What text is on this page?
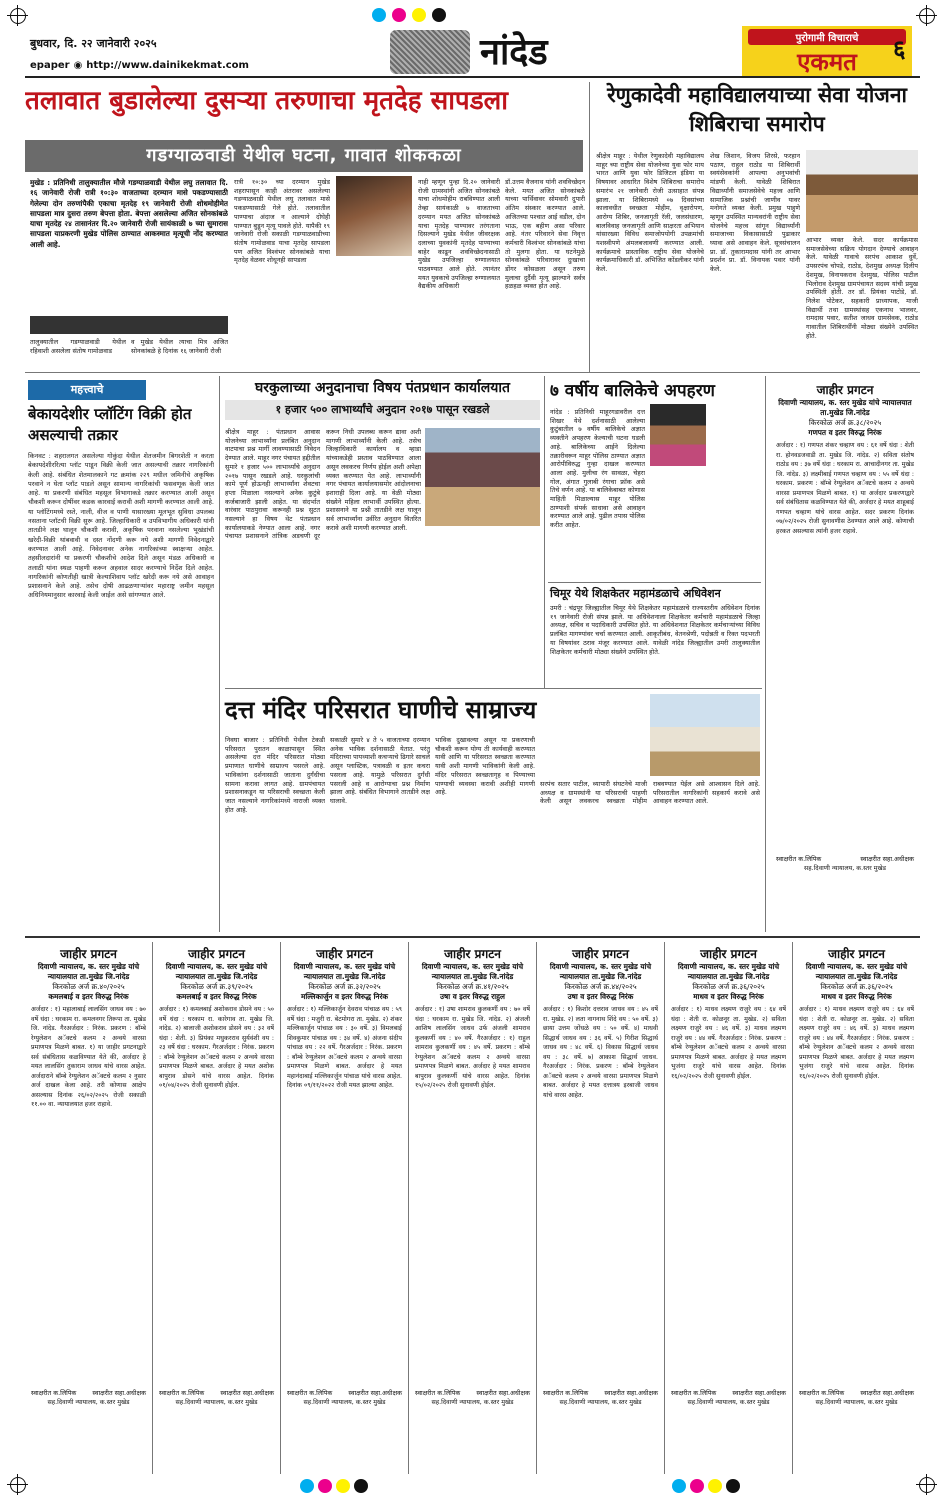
बुधवार, दि. २२ जानेवारी २०२५
epaper ◉ http://www.dainikekmat.com	नांदेड	पुरोगामी विचाराचे
एकमत	६
तलावात बुडालेल्या दुसऱ्या तरुणाचा मृतदेह सापडला
गडग्याळवाडी येथील घटना, गावात शोककळा
मुखेड : प्रतिनिधी तालुक्यातील मौजे गडग्याळवाडी येथील लघु तलावात दि. १६ जानेवारी रोजी रात्री १०:३० वाजताच्या दरम्यान मासे पकडण्यासाठी गेलेल्या दोन तरुणांपैकी एकाचा मृतदेह १९ जानेवारी रोजी शोधमोहीमेत सापडला मात्र दुसरा तरुण बेपत्ता होता. बेपत्ता असलेल्या अजित सोनकांबळे याचा मृतदेह २४ तासानंतर दि.२० जानेवारी रोजी सायंकाळी ७ च्या सुमारास सापडला याप्रकरणी मुखेड पोलिस ठाण्यात आकस्मात मृत्यूची नोंद करण्यात आली आहे.
तालुक्यातील गडग्याळवाडी येथील रहिवाशी असलेला संतोष गामोळवाड
व मुखेड येथील त्याचा मित्र अजित सोनकांबळे हे दिनांक १६ जानेवारी रोजी
रात्री १०:३० च्या दरम्यान मुखेड शहरापासून काही अंतरावर असलेल्या गडग्याळवाडी येथील लघु तलावात मासे पकडण्यासाठी गेले होते. तलावातील पाण्याचा अंदाज न आल्याने दोघेही पाण्यात बुडून मृत्यू पावले होते. यापैकी १९ जानेवारी रोजी सकाळी गडग्याळवाडीच्या संतोष गामोळवाड याचा मृतदेह सापडला पण अजित विश्वंभर सोनकांबळे याचा मृतदेह वेळवर शोधूनही सापडला
नाही म्हणून पुन्हा दि.२० जानेवारी रोजी ग्रामस्थांनी अजित सोनकांबळे याचा शोधमोहीम राबविण्यात आली तेव्हा सायंकाळी ७ वाजताच्या दरम्यान मयत अजित सोनकांबळे याचा मृतदेह पाण्यावर तरंगताना दिसल्याने मुखेड येथील जीवरक्षक दलाच्या युवकांनी मृतदेह पाण्याच्या बाहेर काढून शवविच्छेदनासाठी मुखेड उपजिल्हा रुग्णालयात पाठवण्यात आले होते. त्यानंतर मयत युवकाचे उपजिल्हा रुग्णालयात वैद्यकीय अधिकारी
डॉ.उत्तम वैजनाथ यांनी शवविच्छेदन केले. मयत अजित सोनकांबळे याच्या पार्थिवावर सोमवारी दुपारी अंतिम संस्कार करण्यात आले. अजितच्या पश्चात आई वडील, दोन भाऊ, एक बहीण असा परिवार आहे. नंतर परिवारने सेवा निवृत्त कर्मचारी विश्वंभर सोनकांबळे यांचा तो मुलगा होता. या घटनेमुळे सोनकांबळे परिवारावर दुःखाचा डोंगर कोसळला असून तरुण मुलाचा दुर्दैवी मृत्यू झाल्याने सर्वत्र हळहळ व्यक्त होत आहे.
रेणुकादेवी महाविद्यालयाच्या सेवा योजना शिबिराचा समारोप
श्रीक्षेत्र माहूर : येथील रेणुकादेवी महाविद्यालय माहूर च्या राष्ट्रीय सेवा योजनेच्या युवा फोर माय भारत आणि युवा फोर डिजिटल इंडिया या विषयावर आधारित विशेष शिबिराचा समारोप समारंभ २१ जानेवारी रोजी उत्साहात संपन्न झाला. या शिबिरामध्ये ०७ दिवसांच्या कालावधीत स्वच्छता मोहीम, वृक्षारोपण, आरोग्य शिबिर, जनजागृती रॅली, जलसंधारण, बालविवाह जनजागृती आणि साक्षरता अभियान यांसारख्या विविध समाजोपयोगी उपक्रमांची यशस्वीपणे अंमलबजावणी करण्यात आली. कार्यक्रमाचे प्रास्ताविक राष्ट्रीय सेवा योजनेचे कार्यक्रमाधिकारी डॉ. अभिजित कोंडलीकर यांनी केले.
शेख जिशान, विजय शिरसे, फरहान पठाण, राहुल राठोड या शिबिरार्थी स्वयंसेवकांनी आपल्या अनुभवांची मांडणी केली. यावेळी शिबिरात विद्यार्थ्यांनी समाजसेवेचे महत्त्व आणि सामाजिक प्रश्नांची जाणीव यावर मनोगते व्यक्त केली. प्रमुख पाहुणे म्हणून उपस्थित मान्यवरांनी राष्ट्रीय सेवा योजनेचे महत्त्व सांगून विद्यार्थ्यांनी समाजाच्या विकासासाठी पुढाकार घ्यावा असे आवाहन केले. सूत्रसंचालन प्रा. डॉ. तुकारामदास यांनी तर आभार प्रदर्शन प्रा. डॉ. विनायक पवार यांनी केले.
आभार व्यक्त केले. सदर कार्यक्रमास समाजसेवेच्या सक्रिय योगदान देण्याचे आवाहन केले. यावेळी गावाचे सरपंच आकाश धुर्वे, उपसरपंच चोपडे, राठोड, देशमुख अध्यक्ष दिलीप देशमुख, विनायकराव देशमुख, पोलिस पाटील भिलोराव देशमुख ग्रामपंचायत सदस्य यांची प्रमुख उपस्थिती होती. तर डॉ. प्रियंका पाटोडे, डॉ. निलेश पोटेकर, सहकारी प्राध्यापक, माजी विद्यार्थी तथा ग्रामस्थांसह एकनाथ भालवर, रामदास पवार, सतीश जाधव ग्रामसेवक, राठोड गावातील शिबिरार्थींनी मोठ्या संख्येने उपस्थित होते.
महत्त्वाचे
बेकायदेशीर प्लॉटिंग विक्री होत असल्याची तक्रार
किनवट : शहरालगत असलेल्या गोकुंदा येथील शेतजमीन बिगरशेती न करता बेकायदेशीररित्या प्लॉट पाडून विक्री केली जात असल्याची तक्रार नागरिकांनी केली आहे. संबंधित शेतमालकाने गट क्रमांक २२९ मधील जमिनीचे अकृषिक परवाने न घेता प्लॉट पाडले असून सामान्य नागरिकांची फसवणूक केली जात आहे. या प्रकरणी संबंधित महसूल विभागाकडे तक्रार करण्यात आली असून चौकशी करून दोषींवर कडक कारवाई करावी अशी मागणी करण्यात आली आहे. या प्लॉटिंगमध्ये रस्ते, नाली, वीज व पाणी यासारख्या मूलभूत सुविधा उपलब्ध नसताना प्लॉटची विक्री सुरू आहे. जिल्हाधिकारी व उपविभागीय अधिकारी यांनी तातडीने लक्ष घालून चौकशी करावी, अकृषिक परवाना नसलेल्या भूखंडांची खरेदी-विक्री थांबवावी व दस्त नोंदणी करू नये अशी मागणी निवेदनाद्वारे करण्यात आली आहे. निवेदनावर अनेक नागरिकांच्या स्वाक्षऱ्या आहेत. तहसीलदारांनी या प्रकरणी चौकशीचे आदेश दिले असून मंडळ अधिकारी व तलाठी यांना स्थळ पाहणी करून अहवाल सादर करण्याचे निर्देश दिले आहेत. नागरिकांनी कोणतीही खात्री केल्याशिवाय प्लॉट खरेदी करू नये असे आवाहन प्रशासनाने केले आहे. तसेच दोषी आढळणाऱ्यांवर महाराष्ट्र जमीन महसूल अधिनियमानुसार कारवाई केली जाईल असे सांगण्यात आले.
घरकुलाच्या अनुदानाचा विषय पंतप्रधान कार्यालयात
१ हजार ५०० लाभार्थ्यांचे अनुदान २०१७ पासून रखडले
श्रीक्षेत्र माहूर : पंतप्रधान आवास योजनेच्या लाभार्थ्यांना प्रलंबित अनुदान वाटपाचा प्रश्न मार्गी लावण्यासाठी निवेदन देण्यात आले. माहूर नगर पंचायत हद्दीतील सुमारे १ हजार ५०० लाभार्थ्यांचे अनुदान २०१७ पासून रखडले आहे. घरकुलांची कामे पूर्ण होऊनही लाभार्थ्यांना शेवटचा हप्ता मिळाला नसल्याने अनेक कुटुंबे कर्जबाजारी झाली आहेत. या संदर्भात वारंवार पाठपुरावा करूनही प्रश्न सुटत नसल्याने हा विषय थेट पंतप्रधान कार्यालयाकडे नेण्यात आला आहे. नगर पंचायत प्रशासनाने तांत्रिक अडचणी दूर करून निधी उपलब्ध करून द्यावा अशी मागणी लाभार्थ्यांनी केली आहे. तसेच जिल्हाधिकारी कार्यालय व म्हाडा यांच्याकडेही प्रस्ताव पाठविण्यात आला असून लवकरच निर्णय होईल अशी अपेक्षा व्यक्त करण्यात येत आहे. लाभार्थ्यांनी नगर पंचायत कार्यालयासमोर आंदोलनाचा इशाराही दिला आहे. या वेळी मोठ्या संख्येने महिला लाभार्थी उपस्थित होत्या. प्रशासनाने या प्रश्नी तातडीने लक्ष घालून सर्व लाभार्थ्यांना उर्वरित अनुदान वितरित करावे अशी मागणी करण्यात आली.
७ वर्षीय बालिकेचे अपहरण
नांदेड : प्रतिनिधी माहूरगडावरील दत्त शिखर येथे दर्शनासाठी आलेल्या कुटुंबातील ७ वर्षीय बालिकेचे अज्ञात व्यक्तीने अपहरण केल्याची घटना घडली आहे. बालिकेच्या आईने दिलेल्या तक्रारीवरून माहूर पोलिस ठाण्यात अज्ञात आरोपीविरुद्ध गुन्हा दाखल करण्यात आला आहे. मुलीचा रंग सावळा, चेहरा गोल, अंगात गुलाबी रंगाचा फ्रॉक असे तिचे वर्णन आहे. या बालिकेबाबत कोणास माहिती मिळाल्यास माहूर पोलिस ठाण्याशी संपर्क साधावा असे आवाहन करण्यात आले आहे. पुढील तपास पोलिस करीत आहेत.
चिमूर येथे शिक्षकेतर महामंडळाचे अधिवेशन
उमरी : चंद्रपूर जिल्ह्यातील चिमूर येथे शिक्षकेतर महामंडळाचे राज्यस्तरीय अधिवेशन दिनांक १९ जानेवारी रोजी संपन्न झाले. या अधिवेशनाला शिक्षकेतर कर्मचारी महामंडळाचे जिल्हा अध्यक्ष, सचिव व पदाधिकारी उपस्थित होते. या अधिवेशनात शिक्षकेतर कर्मचाऱ्यांच्या विविध प्रलंबित मागण्यांवर चर्चा करण्यात आली. आकृतीबंध, वेतनश्रेणी, पदोन्नती व रिक्त पदभरती या विषयांवर ठराव मंजूर करण्यात आले. यावेळी नांदेड जिल्ह्यातील उमरी तालुक्यातील शिक्षकेतर कर्मचारी मोठ्या संख्येने उपस्थित होते.
दत्त मंदिर परिसरात घाणीचे साम्राज्य
निवघा बाजार : प्रतिनिधी येथील टेकडी परिसरात पुरातन काळापासून स्थित असलेल्या दत्त मंदिर परिसरात मोठ्या प्रमाणात घाणीचे साम्राज्य पसरले आहे. भाविकांना दर्शनासाठी जाताना दुर्गंधीचा सामना करावा लागत आहे. ग्रामपंचायत प्रशासनाकडून या परिसराची स्वच्छता केली जात नसल्याने नागरिकांमध्ये नाराजी व्यक्त होत आहे.
सकाळी सुमारे ४ ते ५ वाजताच्या दरम्यान अनेक भाविक दर्शनासाठी येतात. परंतु मंदिराच्या पायथ्याशी कचऱ्याचे ढिगारे साचले असून प्लास्टिक, पत्रावळी व इतर कचरा पसरला आहे. यामुळे परिसरात दुर्गंधी पसरली आहे व आरोग्याचा प्रश्न निर्माण झाला आहे. संबंधित विभागाने तातडीने लक्ष घालावे.
भाविक दुखावल्या असून या प्रकरणाची चौकशी करून योग्य ती कार्यवाही करण्यात यावी आणि या परिसरात स्वच्छता करण्यात यावी अशी मागणी भाविकांनी केली आहे. मंदिर परिसरात स्वच्छतागृह व पिण्याच्या पाण्याची व्यवस्था करावी अशीही मागणी आहे.
सरपंच सतार पाटील, व्यापारी संघटनेचे माजी अध्यक्ष व ग्रामस्थांनी या परिसराची पाहणी केली असून लवकरच स्वच्छता मोहीम राबवण्यात येईल असे आश्वासन दिले आहे. परिसरातील नागरिकांनी सहकार्य करावे असे आवाहन करण्यात आले.
जाहीर प्रगटन
दिवाणी न्यायालय, क. स्तर मुखेड यांचे न्यायालयात ता.मुखेड जि.नांदेड
किरकोळ अर्ज क्र.३८/२०२५
गणपत व इतर विरुद्ध निरंक
अर्जदार : १) गणपत शंकर चव्हाण वय : ६१ वर्षे धंदा : शेती रा. होनवडजवाडी ता. मुखेड जि. नांदेड. २) सविता संतोष राठोड वय : ३७ वर्षे धंदा : घरकाम रा. आचादीनगर ता. मुखेड जि. नांदेड. ३) लक्ष्मीबाई गणपत चव्हाण वय : ५५ वर्षे धंदा : घरकाम. प्रकरण : बॉम्बे रेग्युलेशन अॅक्टचे कलम २ अन्वये वारसा प्रमाणपत्र मिळणे बाबत. १) या अर्जदार प्रकरणाद्वारे सर्व संबंधितास कळविण्यात येते की, अर्जदार हे मयत शाहूबाई गणपत चव्हाण यांचे वारस आहेत. सदर प्रकरण दिनांक ०७/०२/२०२५ रोजी सुनावणीस ठेवण्यात आले आहे. कोणाची हरकत असल्यास त्यांनी हजर राहावे.
स्वाक्षरीत क.लिपिक	स्वाक्षरीत सहा.अधीक्षक
सह.दिवाणी न्यायालय, क.स्तर मुखेड
जाहीर प्रगटन
दिवाणी न्यायालय, क. स्तर मुखेड यांचे न्यायालयात ता.मुखेड जि.नांदेड
किरकोळ अर्ज क्र.४०/२०२५
कमलबाई व इतर विरुद्ध निरंक
अर्जदार : १) महालाबाई लालसिंग जाधव वय : ७० वर्षे धंदा : घरकाम रा. कमलनगर तिरूपा ता. मुखेड जि. नांदेड. गैरअर्जदार : निरंक. प्रकरण : बॉम्बे रेग्युलेशन अॅक्टचे कलम २ अन्वये वारसा प्रमाणपत्र मिळणे बाबत. १) या जाहीर प्रगटनाद्वारे सर्व संबंधितास कळविण्यात येते की, अर्जदार हे मयत लालसिंग तुकाराम जाधव यांचे वारस आहेत. अर्जदाराने बॉम्बे रेग्युलेशन अॅक्टचे कलम २ नुसार अर्ज दाखल केला आहे. तरी कोणास आक्षेप असल्यास दिनांक २६/०२/२०२५ रोजी सकाळी ११.०० वा. न्यायालयात हजर राहावे.
स्वाक्षरीत क.लिपिक	स्वाक्षरीत सहा.अधीक्षक
सह.दिवाणी न्यायालय, क.स्तर मुखेड
जाहीर प्रगटन
दिवाणी न्यायालय, क. स्तर मुखेड यांचे न्यायालयात ता.मुखेड जि.नांदेड
किरकोळ अर्ज क्र.३९/२०२५
कमलबाई व इतर विरुद्ध निरंक
अर्जदार : १) कमलबाई अशोकराव डोसने वय : ५० वर्षे धंदा : घरकाम रा. कारेगाव ता. मुखेड जि. नांदेड. २) बालाजी अशोकराव डोसने वय : ३२ वर्षे धंदा : शेती. ३) प्रियंका मधुकरराव सुर्यवंशी वय : २३ वर्षे धंदा : घरकाम. गैरअर्जदार : निरंक. प्रकरण : बॉम्बे रेग्युलेशन अॅक्टचे कलम २ अन्वये वारसा प्रमाणपत्र मिळणे बाबत. अर्जदार हे मयत अशोक बापुराव डोसने यांचे वारस आहेत. दिनांक ०१/०४/२०२५ रोजी सुनावणी होईल.
स्वाक्षरीत क.लिपिक	स्वाक्षरीत सहा.अधीक्षक
सह.दिवाणी न्यायालय, क.स्तर मुखेड
जाहीर प्रगटन
दिवाणी न्यायालय, क. स्तर मुखेड यांचे न्यायालयात ता.मुखेड जि.नांदेड
किरकोळ अर्ज क्र.३२/२०२५
मल्लिकार्जुन व इतर विरुद्ध निरंक
अर्जदार : १) मल्लिकार्जुन देवराव पांचाळ वय : ५९ वर्षे धंदा : मजुरी रा. बेटमोगरा ता. मुखेड. २) शंकर मल्लिकार्जुन पांचाळ वय : ३० वर्षे. ३) विमलबाई शिवकुमार पांचाळ वय : ३४ वर्षे. ४) अंजना संदीप पांचाळ वय : २२ वर्षे. गैरअर्जदार : निरंक. प्रकरण : बॉम्बे रेग्युलेशन अॅक्टचे कलम २ अन्वये वारसा प्रमाणपत्र मिळणे बाबत. अर्जदार हे मयत महानंदाबाई मल्लिकार्जुन पांचाळ यांचे वारस आहेत. दिनांक ०९/११/२०२२ रोजी मयत झाल्या आहेत.
स्वाक्षरीत क.लिपिक	स्वाक्षरीत सहा.अधीक्षक
सह.दिवाणी न्यायालय, क.स्तर मुखेड
जाहीर प्रगटन
दिवाणी न्यायालय, क. स्तर मुखेड यांचे न्यायालयात ता.मुखेड जि.नांदेड
किरकोळ अर्ज क्र.४१/२०२५
उषा व इतर विरुद्ध राहुल
अर्जदार : १) उषा शामराव कुलकर्णी वय : ७० वर्षे धंदा : घरकाम रा. मुखेड जि. नांदेड. २) अंजली आशिष लालसिंग जाधव उर्फ अंजली शामराव कुलकर्णी वय : ४० वर्षे. गैरअर्जदार : १) राहुल शामराव कुलकर्णी वय : ४५ वर्षे. प्रकरण : बॉम्बे रेग्युलेशन अॅक्टचे कलम २ अन्वये वारसा प्रमाणपत्र मिळणे बाबत. अर्जदार हे मयत शामराव बापुराव कुलकर्णी यांचे वारस आहेत. दिनांक १५/०२/२०२५ रोजी सुनावणी होईल.
स्वाक्षरीत क.लिपिक	स्वाक्षरीत सहा.अधीक्षक
सह.दिवाणी न्यायालय, क.स्तर मुखेड
जाहीर प्रगटन
दिवाणी न्यायालय, क. स्तर मुखेड यांचे न्यायालयात ता.मुखेड जि.नांदेड
किरकोळ अर्ज क्र.४४/२०२५
उषा व इतर विरुद्ध निरंक
अर्जदार : १) किशोर दत्तराव जाधव वय : ४५ वर्षे रा. मुखेड. २) लता नागनाथ शिंदे वय : ५० वर्षे. ३) छाया उत्तम जोंधळे वय : ५० वर्षे. ४) माधवी सिद्धार्थ जाधव वय : ३६ वर्षे. ५) गिरीश सिद्धार्थ जाधव वय : ४८ वर्षे. ६) विकास सिद्धार्थ जाधव वय : ३८ वर्षे. ७) आकाश सिद्धार्थ जाधव. गैरअर्जदार : निरंक. प्रकरण : बॉम्बे रेग्युलेशन अॅक्टचे कलम २ अन्वये वारसा प्रमाणपत्र मिळणे बाबत. अर्जदार हे मयत दत्तात्रय इरबाजी जाधव यांचे वारस आहेत.
स्वाक्षरीत क.लिपिक	स्वाक्षरीत सहा.अधीक्षक
सह.दिवाणी न्यायालय, क.स्तर मुखेड
जाहीर प्रगटन
दिवाणी न्यायालय, क. स्तर मुखेड यांचे न्यायालयात ता.मुखेड जि.नांदेड
किरकोळ अर्ज क्र.३६/२०२५
माधव व इतर विरुद्ध निरंक
अर्जदार : १) माधव लक्ष्मण राजुरे वय : ६४ वर्षे धंदा : शेती रा. कोळनूर ता. मुखेड. २) सविता लक्ष्मण राजुरे वय : ४६ वर्षे. ३) माधव लक्ष्मण राजुरे वय : ४४ वर्षे. गैरअर्जदार : निरंक. प्रकरण : बॉम्बे रेग्युलेशन अॅक्टचे कलम २ अन्वये वारसा प्रमाणपत्र मिळणे बाबत. अर्जदार हे मयत लक्ष्मण भुजंगा राजुरे यांचे वारस आहेत. दिनांक १६/०२/२०२५ रोजी सुनावणी होईल.
स्वाक्षरीत क.लिपिक	स्वाक्षरीत सहा.अधीक्षक
सह.दिवाणी न्यायालय, क.स्तर मुखेड
जाहीर प्रगटन
दिवाणी न्यायालय, क. स्तर मुखेड यांचे न्यायालयात ता.मुखेड जि.नांदेड
किरकोळ अर्ज क्र.३६/२०२५
माधव व इतर विरुद्ध निरंक
अर्जदार : १) माधव लक्ष्मण राजुरे वय : ६४ वर्षे धंदा : शेती रा. कोळनूर ता. मुखेड. २) सविता लक्ष्मण राजुरे वय : ४६ वर्षे. ३) माधव लक्ष्मण राजुरे वय : ४४ वर्षे. गैरअर्जदार : निरंक. प्रकरण : बॉम्बे रेग्युलेशन अॅक्टचे कलम २ अन्वये वारसा प्रमाणपत्र मिळणे बाबत. अर्जदार हे मयत लक्ष्मण भुजंगा राजुरे यांचे वारस आहेत. दिनांक १६/०२/२०२५ रोजी सुनावणी होईल.
स्वाक्षरीत क.लिपिक	स्वाक्षरीत सहा.अधीक्षक
सह.दिवाणी न्यायालय, क.स्तर मुखेड
